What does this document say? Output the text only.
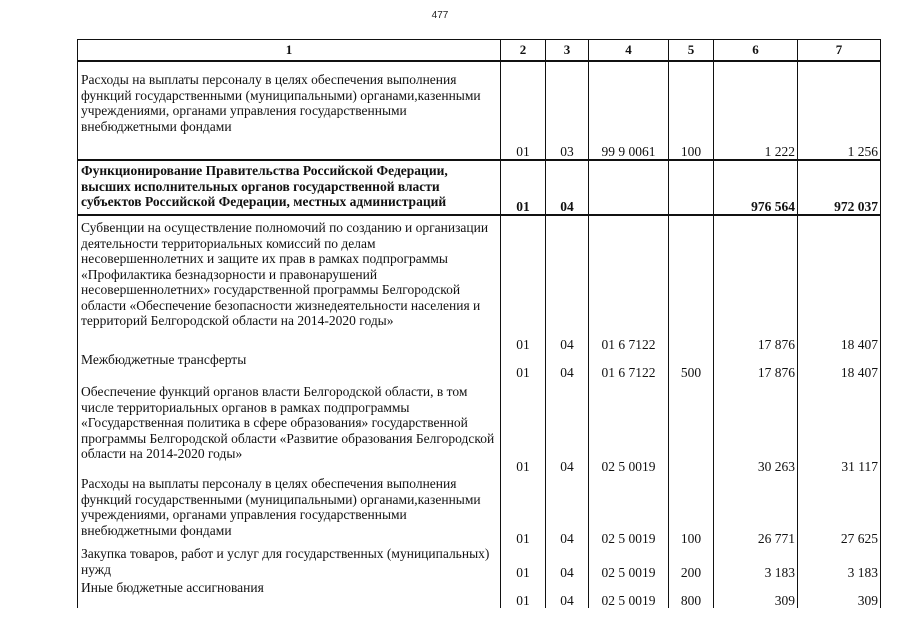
477
1	2	3	4	5	6	7
Расходы на выплаты персоналу в целях обеспечения выполнения функций государственными (муниципальными) органами,казенными учреждениями, органами управления государственными внебюджетными фондами	01	03	99 9 0061	100	1 222	1 256
Функционирование Правительства Российской Федерации, высших исполнительных органов государственной власти субъектов Российской Федерации, местных администраций	01	04			976 564	972 037
Субвенции на осуществление полномочий по созданию и организации деятельности территориальных комиссий по делам несовершеннолетних и защите их прав в рамках подпрограммы «Профилактика безнадзорности и правонарушений несовершеннолетних» государственной программы Белгородской области «Обеспечение безопасности жизнедеятельности населения и территорий Белгородской области на 2014-2020 годы»	01	04	01 6 7122		17 876	18 407
Межбюджетные трансферты	01	04	01 6 7122	500	17 876	18 407
Обеспечение функций органов власти Белгородской области, в том числе территориальных органов в рамках подпрограммы «Государственная политика в сфере образования» государственной программы Белгородской области «Развитие образования Белгородской области на 2014-2020 годы»	01	04	02 5 0019		30 263	31 117
Расходы на выплаты персоналу в целях обеспечения выполнения функций государственными (муниципальными) органами,казенными учреждениями, органами управления государственными внебюджетными фондами	01	04	02 5 0019	100	26 771	27 625
Закупка товаров, работ и услуг для государственных (муниципальных) нужд	01	04	02 5 0019	200	3 183	3 183
Иные бюджетные ассигнования	01	04	02 5 0019	800	309	309
